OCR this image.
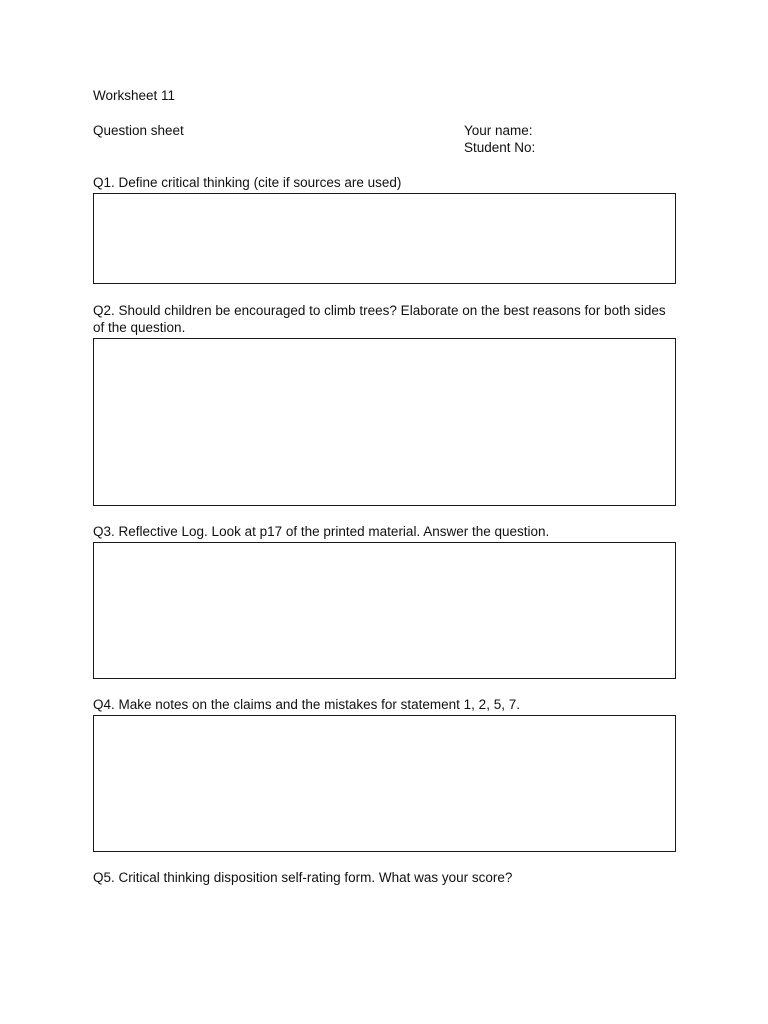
Worksheet 11
Question sheet	Your name:
Student No:
Q1. Define critical thinking (cite if sources are used)
Q2. Should children be encouraged to climb trees? Elaborate on the best reasons for both sides of the question.
Q3. Reflective Log. Look at p17 of the printed material. Answer the question.
Q4. Make notes on the claims and the mistakes for statement 1, 2, 5, 7.
Q5. Critical thinking disposition self-rating form. What was your score?
